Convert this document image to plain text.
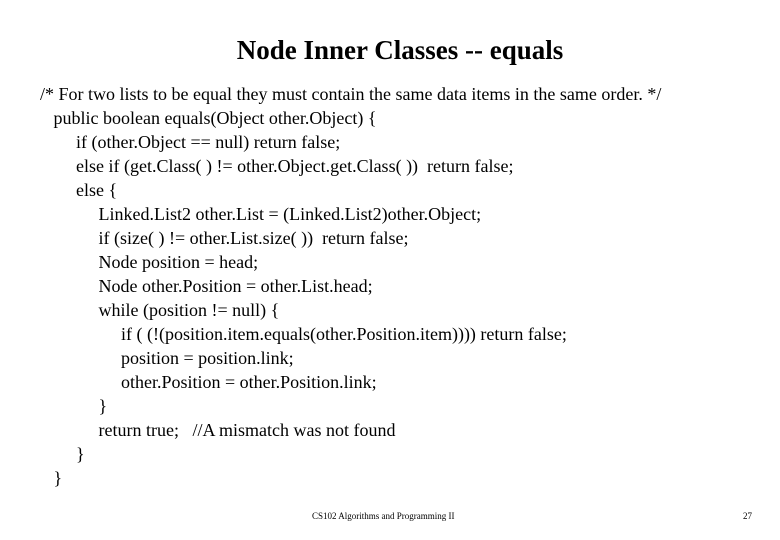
Node Inner Classes -- equals
/* For two lists to be equal they must contain the same data items in the same order. */
public boolean equals(Object other.Object) {
if (other.Object == null) return false;
else if (get.Class( ) != other.Object.get.Class( ))  return false;
else {
Linked.List2 other.List = (Linked.List2)other.Object;
if (size( ) != other.List.size( ))  return false;
Node position = head;
Node other.Position = other.List.head;
while (position != null) {
if ( (!(position.item.equals(other.Position.item)))) return false;
position = position.link;
other.Position = other.Position.link;
}
return true;   //A mismatch was not found
}
}
CS102 Algorithms and Programming II	27
